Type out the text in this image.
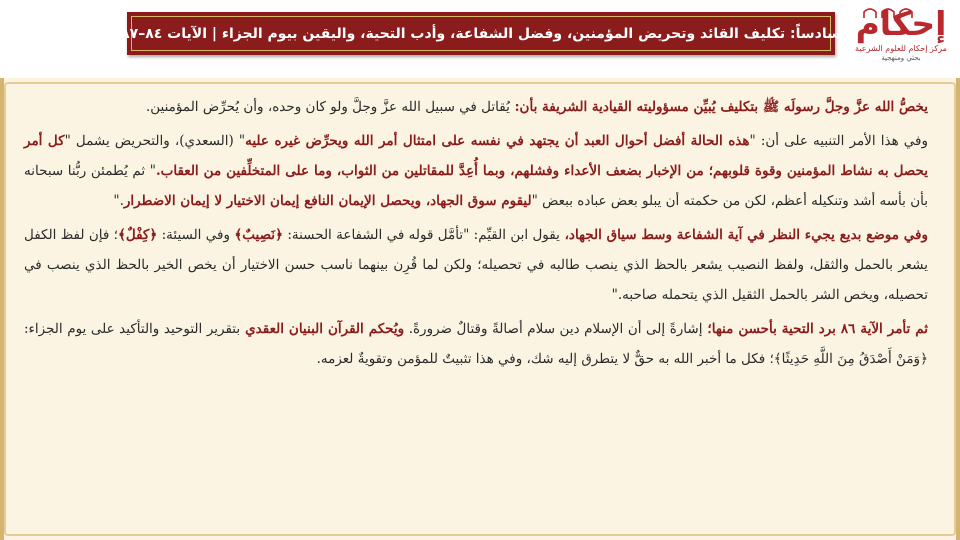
سادساً: تكليف القائد وتحريض المؤمنين، وفضل الشفاعة، وأدب التحية، واليقين بيوم الجزاء | الآيات ٨٤–٨٧ إحكام
مركز إحكام للعلوم الشرعية
بحثي ومنهجية

يخصُّ الله عزَّ وجلَّ رسولَه ﷺ بتكليف يُبيِّن مسؤوليته القيادية الشريفة بأن: يُقاتل في سبيل الله عزَّ وجلَّ ولو كان وحده، وأن يُحرِّض المؤمنين.

وفي هذا الأمر التنبيه على أن: "هذه الحالة أفضل أحوال العبد أن يجتهد في نفسه على امتثال أمر الله ويحرِّض غيره عليه" (السعدي)، والتحريض يشمل "كل أمر يحصل به نشاط المؤمنين وقوة قلوبهم؛ من الإخبار بضعف الأعداء وفشلهم، وبما أُعِدَّ للمقاتلين من الثواب، وما على المتخلِّفين من العقاب." ثم يُطمئن ربُّنا سبحانه بأن بأسه أشد وتنكيله أعظم، لكن من حكمته أن يبلو بعض عباده ببعض "ليقوم سوق الجهاد، ويحصل الإيمان النافع إيمان الاختيار لا إيمان الاضطرار."

وفي موضع بديع يجيء النظر في آية الشفاعة وسط سياق الجهاد، يقول ابن القيِّم: "تأمَّل قوله في الشفاعة الحسنة: ﴿نَصِيبٌ﴾ وفي السيئة: ﴿كِفْلٌ﴾؛ فإن لفظ الكفل يشعر بالحمل والثقل، ولفظ النصيب يشعر بالحظ الذي ينصب طالبه في تحصيله؛ ولكن لما قُرِن بينهما ناسب حسن الاختيار أن يخص الخير بالحظ الذي ينصب في تحصيله، ويخص الشر بالحمل الثقيل الذي يتحمله صاحبه."

ثم تأمر الآية ٨٦ برد التحية بأحسن منها؛ إشارةً إلى أن الإسلام دين سلام أصالةً وقتالٌ ضرورةً. ويُحكم القرآن البنيان العقدي بتقرير التوحيد والتأكيد على يوم الجزاء: ﴿وَمَنْ أَصْدَقُ مِنَ اللَّهِ حَدِيثًا﴾؛ فكل ما أخبر الله به حقٌّ لا يتطرق إليه شك، وفي هذا تثبيتٌ للمؤمن وتقويةٌ لعزمه.
